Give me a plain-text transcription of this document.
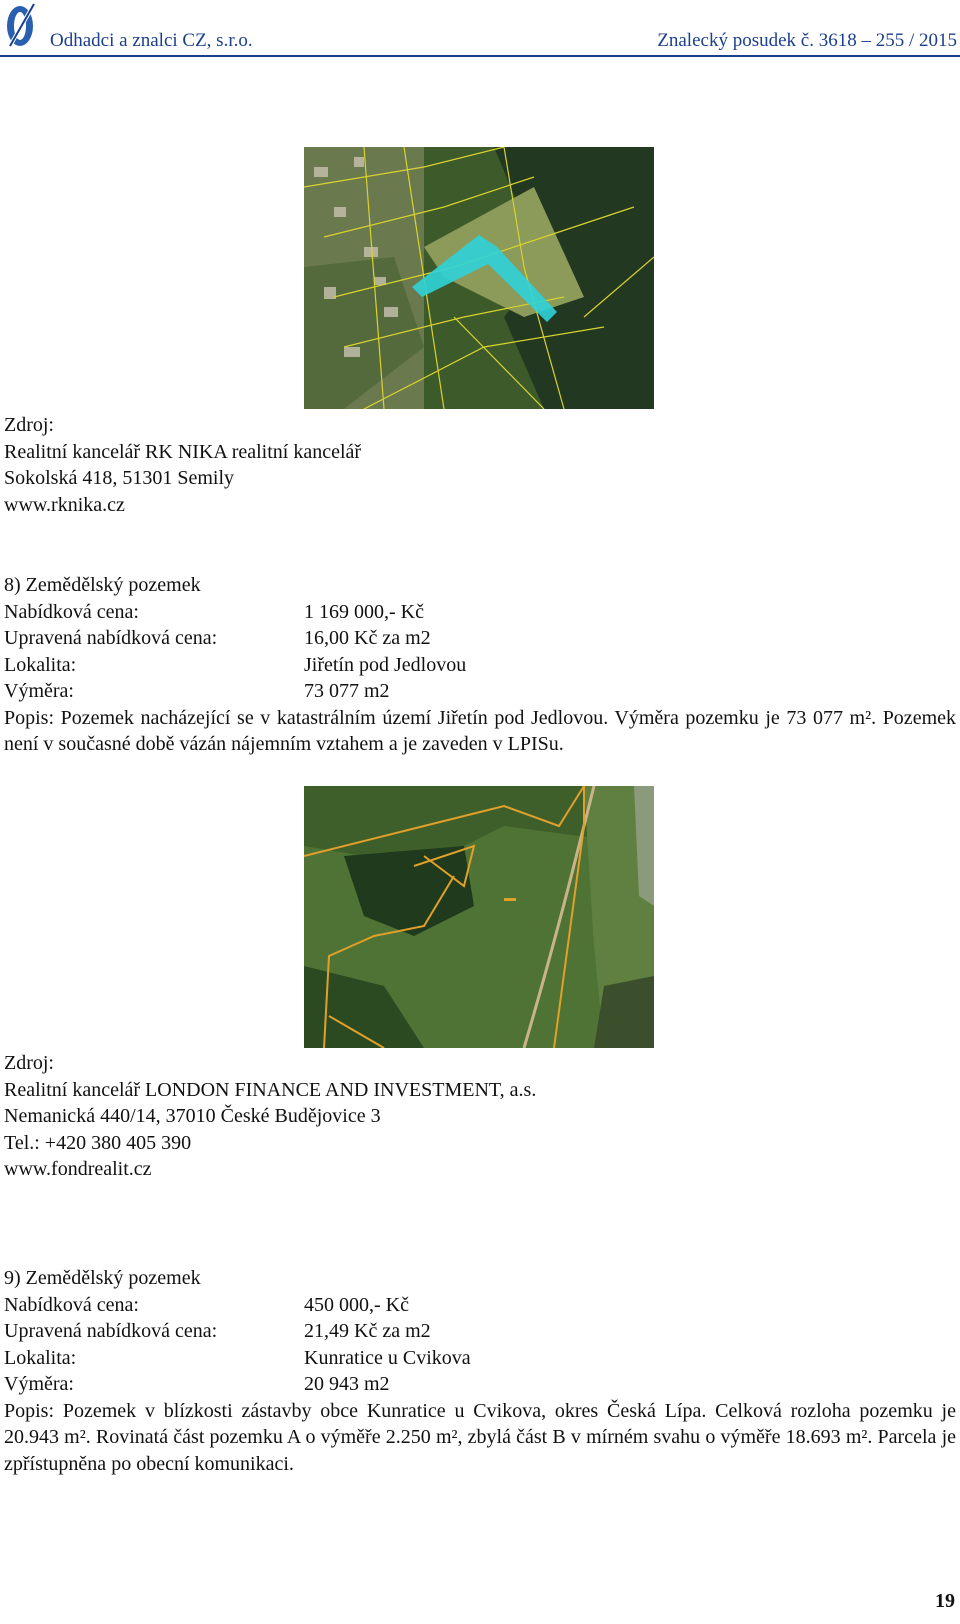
Odhadci a znalci CZ, s.r.o.	Znalecký posudek č. 3618 – 255 / 2015
Zdroj:
Realitní kancelář RK NIKA realitní kancelář
Sokolská 418, 51301 Semily
www.rknika.cz
8) Zemědělský pozemek
Nabídková cena:	1 169 000,- Kč
Upravená nabídková cena:	16,00 Kč za m2
Lokalita:	Jiřetín pod Jedlovou
Výměra:	73 077 m2
Popis: Pozemek nacházející se v katastrálním území Jiřetín pod Jedlovou. Výměra pozemku je 73 077 m². Pozemek není v současné době vázán nájemním vztahem a je zaveden v LPISu.
Zdroj:
Realitní kancelář LONDON FINANCE AND INVESTMENT, a.s.
Nemanická 440/14, 37010 České Budějovice 3
Tel.: +420 380 405 390
www.fondrealit.cz
9) Zemědělský pozemek
Nabídková cena:	450 000,- Kč
Upravená nabídková cena:	21,49 Kč za m2
Lokalita:	Kunratice u Cvikova
Výměra:	20 943 m2
Popis: Pozemek v blízkosti zástavby obce Kunratice u Cvikova, okres Česká Lípa. Celková rozloha pozemku je 20.943 m². Rovinatá část pozemku A o výměře 2.250 m², zbylá část B v mírném svahu o výměře 18.693 m². Parcela je zpřístupněna po obecní komunikaci.
19
